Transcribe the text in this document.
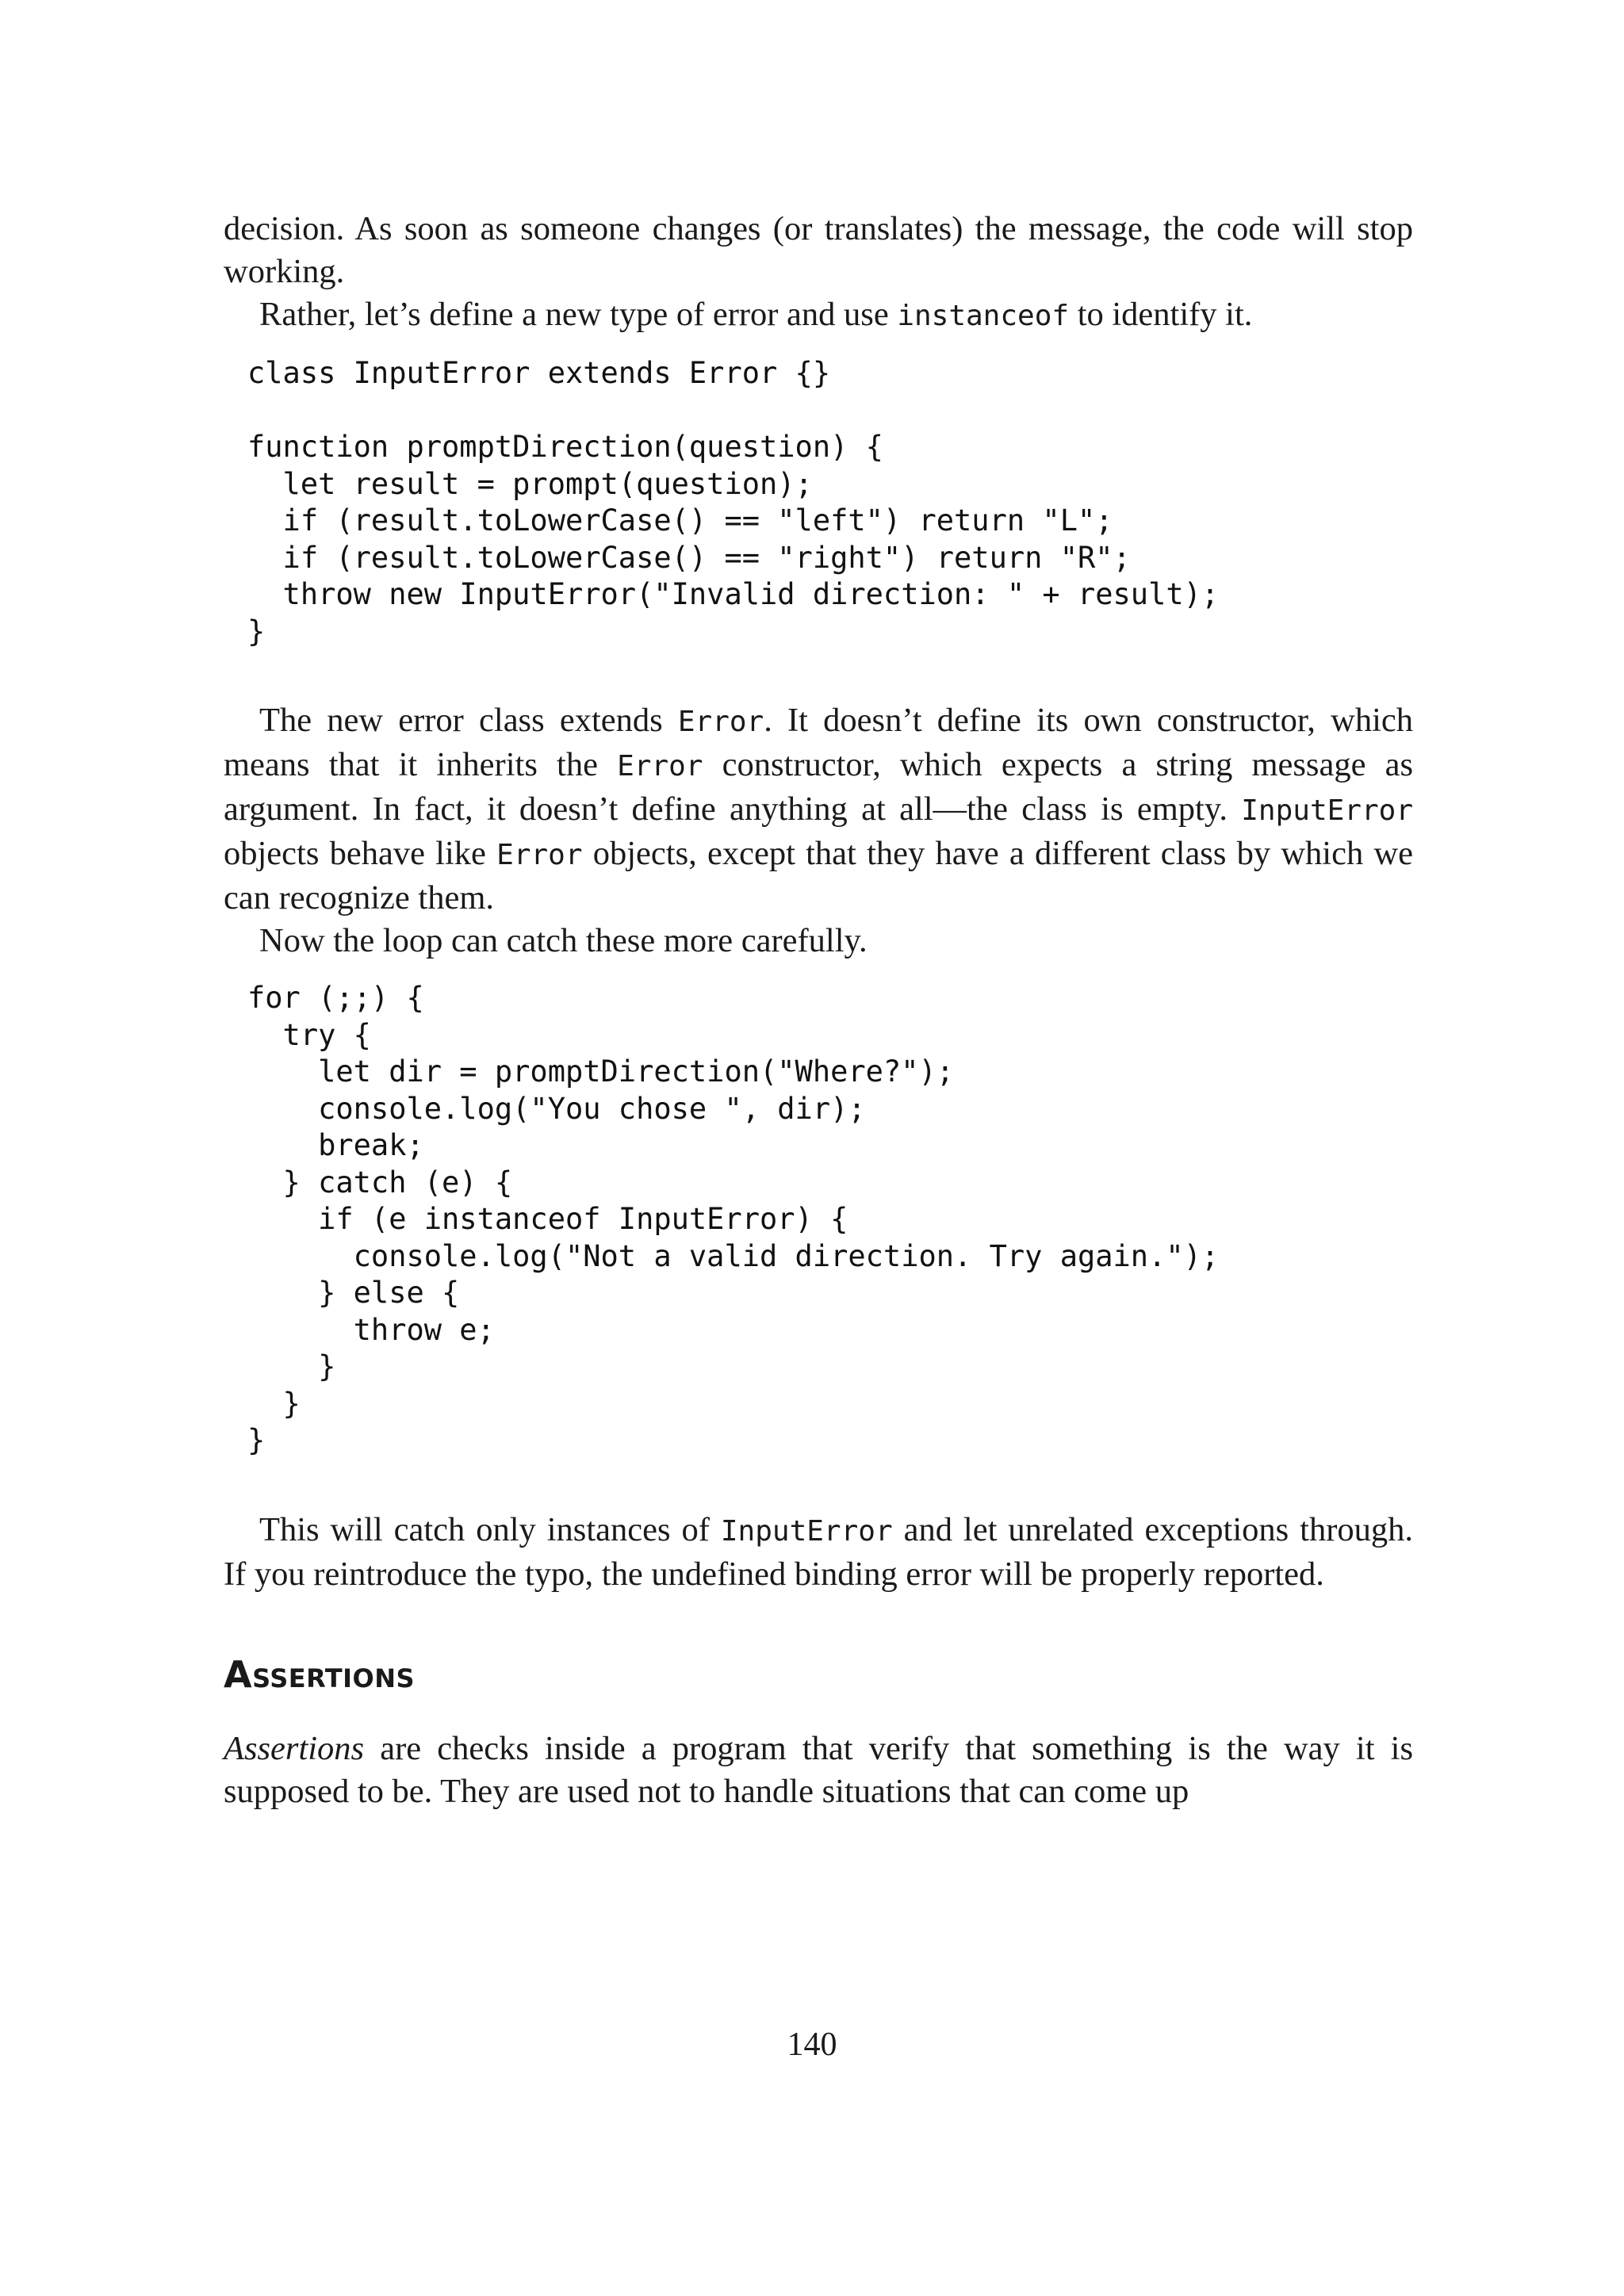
decision. As soon as someone changes (or translates) the message, the code will stop working.

Rather, let’s define a new type of error and use instanceof to identify it.

class InputError extends Error {}

function promptDirection(question) {
let result = prompt(question);
if (result.toLowerCase() == "left") return "L";
if (result.toLowerCase() == "right") return "R";
throw new InputError("Invalid direction: " + result);
}

The new error class extends Error. It doesn’t define its own constructor, which means that it inherits the Error constructor, which expects a string message as argument. In fact, it doesn’t define anything at all—the class is empty. InputError objects behave like Error objects, except that they have a different class by which we can recognize them.

Now the loop can catch these more carefully.

for (;;) {
try {
let dir = promptDirection("Where?");
console.log("You chose ", dir);
break;
} catch (e) {
if (e instanceof InputError) {
console.log("Not a valid direction. Try again.");
} else {
throw e;
}
}
}

This will catch only instances of InputError and let unrelated exceptions through. If you reintroduce the typo, the undefined binding error will be properly reported.

Assertions

Assertions are checks inside a program that verify that something is the way it is supposed to be. They are used not to handle situations that can come up

140
